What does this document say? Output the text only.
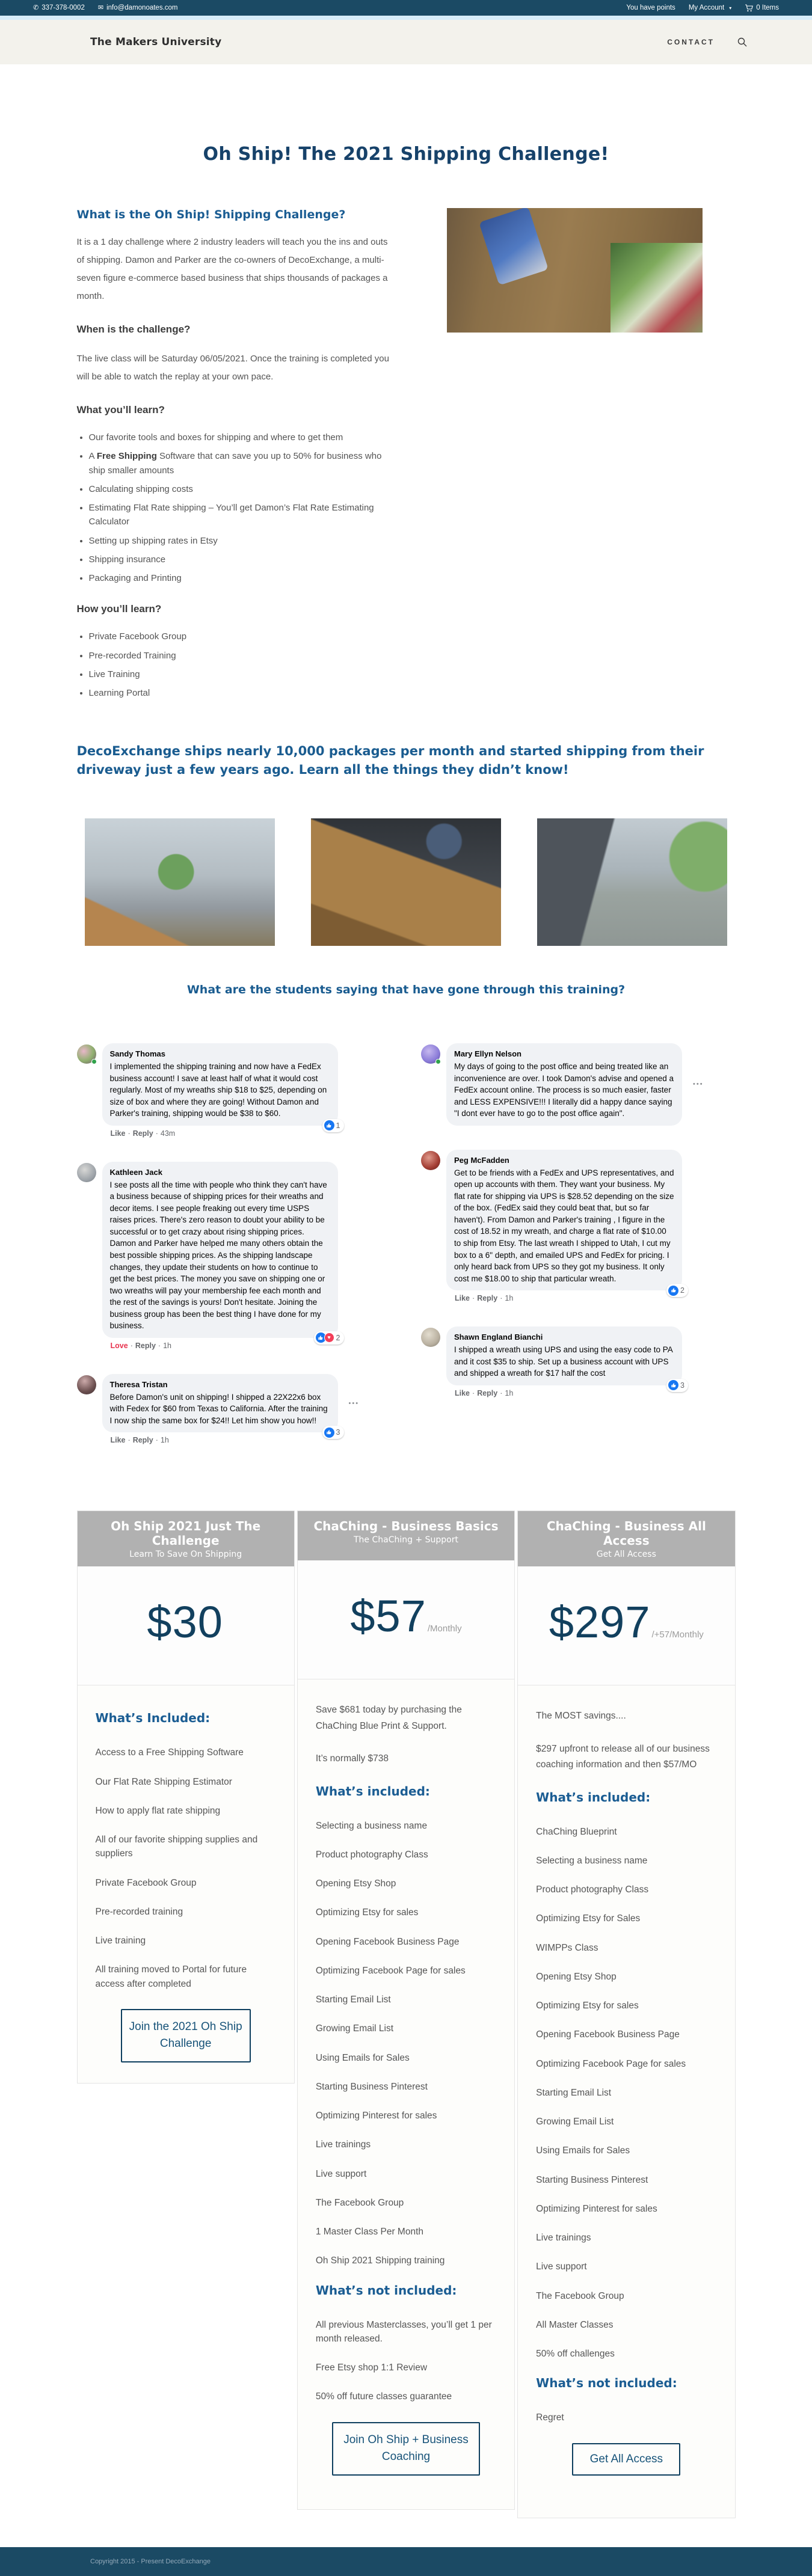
✆ 337-378-0002 ✉ info@damonoates.com	You have points My Account ▾	0 Items
The Makers University	CONTACT
Oh Ship! The 2021 Shipping Challenge!
What is the Oh Ship! Shipping Challenge?

It is a 1 day challenge where 2 industry leaders will teach you the ins and outs of shipping. Damon and Parker are the co-owners of DecoExchange, a multi-seven figure e-commerce based business that ships thousands of packages a month.

When is the challenge?

The live class will be Saturday 06/05/2021. Once the training is completed you will be able to watch the replay at your own pace.

What you’ll learn?
• Our favorite tools and boxes for shipping and where to get them
• A Free Shipping Software that can save you up to 50% for business who ship smaller amounts
• Calculating shipping costs
• Estimating Flat Rate shipping – You’ll get Damon’s Flat Rate Estimating Calculator
• Setting up shipping rates in Etsy
• Shipping insurance
• Packaging and Printing
How you’ll learn?
• Private Facebook Group
• Pre-recorded Training
• Live Training
• Learning Portal
DecoExchange ships nearly 10,000 packages per month and started shipping from their driveway just a few years ago. Learn all the things they didn’t know!
What are the students saying that have gone through this training?
Sandy Thomas
I implemented the shipping training and now have a FedEx business account! I save at least half of what it would cost regularly. Most of my wreaths ship $18 to $25, depending on size of box and where they are going! Without Damon and Parker's training, shipping would be $38 to $60.
1
Like · Reply · 43m
Kathleen Jack
I see posts all the time with people who think they can't have a business because of shipping prices for their wreaths and decor items. I see people freaking out every time USPS raises prices. There's zero reason to doubt your ability to be successful or to get crazy about rising shipping prices. Damon and Parker have helped me many others obtain the best possible shipping prices. As the shipping landscape changes, they update their students on how to continue to get the best prices. The money you save on shipping one or two wreaths will pay your membership fee each month and the rest of the savings is yours! Don't hesitate. Joining the business group has been the best thing I have done for my business.
♥ 2
Love · Reply · 1h
Theresa Tristan
Before Damon's unit on shipping! I shipped a 22X22x6 box with Fedex for $60 from Texas to California. After the training I now ship the same box for $24!! Let him show you how!!
3
•••
Like · Reply · 1h
Mary Ellyn Nelson
My days of going to the post office and being treated like an inconvenience are over. I took Damon's advise and opened a FedEx account online. The process is so much easier, faster and LESS EXPENSIVE!!! I literally did a happy dance saying "I dont ever have to go to the post office again".
•••
Peg McFadden
Get to be friends with a FedEx and UPS representatives, and open up accounts with them. They want your business. My flat rate for shipping via UPS is $28.52 depending on the size of the box. (FedEx said they could beat that, but so far haven't). From Damon and Parker's training , I figure in the cost of 18.52 in my wreath, and charge a flat rate of $10.00 to ship from Etsy. The last wreath I shipped to Utah, I cut my box to a 6" depth, and emailed UPS and FedEx for pricing. I only heard back from UPS so they got my business. It only cost me $18.00 to ship that particular wreath.
2
Like · Reply · 1h
Shawn England Bianchi
I shipped a wreath using UPS and using the easy code to PA and it cost $35 to ship. Set up a business account with UPS and shipped a wreath for $17 half the cost
3
Like · Reply · 1h
Oh Ship 2021 Just The Challenge
Learn To Save On Shipping
$30
What’s Included:
Access to a Free Shipping Software
Our Flat Rate Shipping Estimator
How to apply flat rate shipping
All of our favorite shipping supplies and suppliers
Private Facebook Group
Pre-recorded training
Live training
All training moved to Portal for future access after completed
Join the 2021 Oh Ship Challenge
ChaChing - Business Basics
The ChaChing + Support
$57 /Monthly

Save $681 today by purchasing the ChaChing Blue Print & Support.

It’s normally $738

What’s included:
Selecting a business name
Product photography Class
Opening Etsy Shop
Optimizing Etsy for sales
Opening Facebook Business Page
Optimizing Facebook Page for sales
Starting Email List
Growing Email List
Using Emails for Sales
Starting Business Pinterest
Optimizing Pinterest for sales
Live trainings
Live support
The Facebook Group
1 Master Class Per Month
Oh Ship 2021 Shipping training
What’s not included:
All previous Masterclasses, you’ll get 1 per month released.
Free Etsy shop 1:1 Review
50% off future classes guarantee
Join Oh Ship + Business Coaching
ChaChing - Business All Access
Get All Access
$297 /+57/Monthly

The MOST savings....

$297 upfront to release all of our business coaching information and then $57/MO

What’s included:
ChaChing Blueprint
Selecting a business name
Product photography Class
Optimizing Etsy for Sales
WIMPPs Class
Opening Etsy Shop
Optimizing Etsy for sales
Opening Facebook Business Page
Optimizing Facebook Page for sales
Starting Email List
Growing Email List
Using Emails for Sales
Starting Business Pinterest
Optimizing Pinterest for sales
Live trainings
Live support
The Facebook Group
All Master Classes
50% off challenges
What’s not included:
Regret
Get All Access
Copyright 2015 - Present DecoExchange
